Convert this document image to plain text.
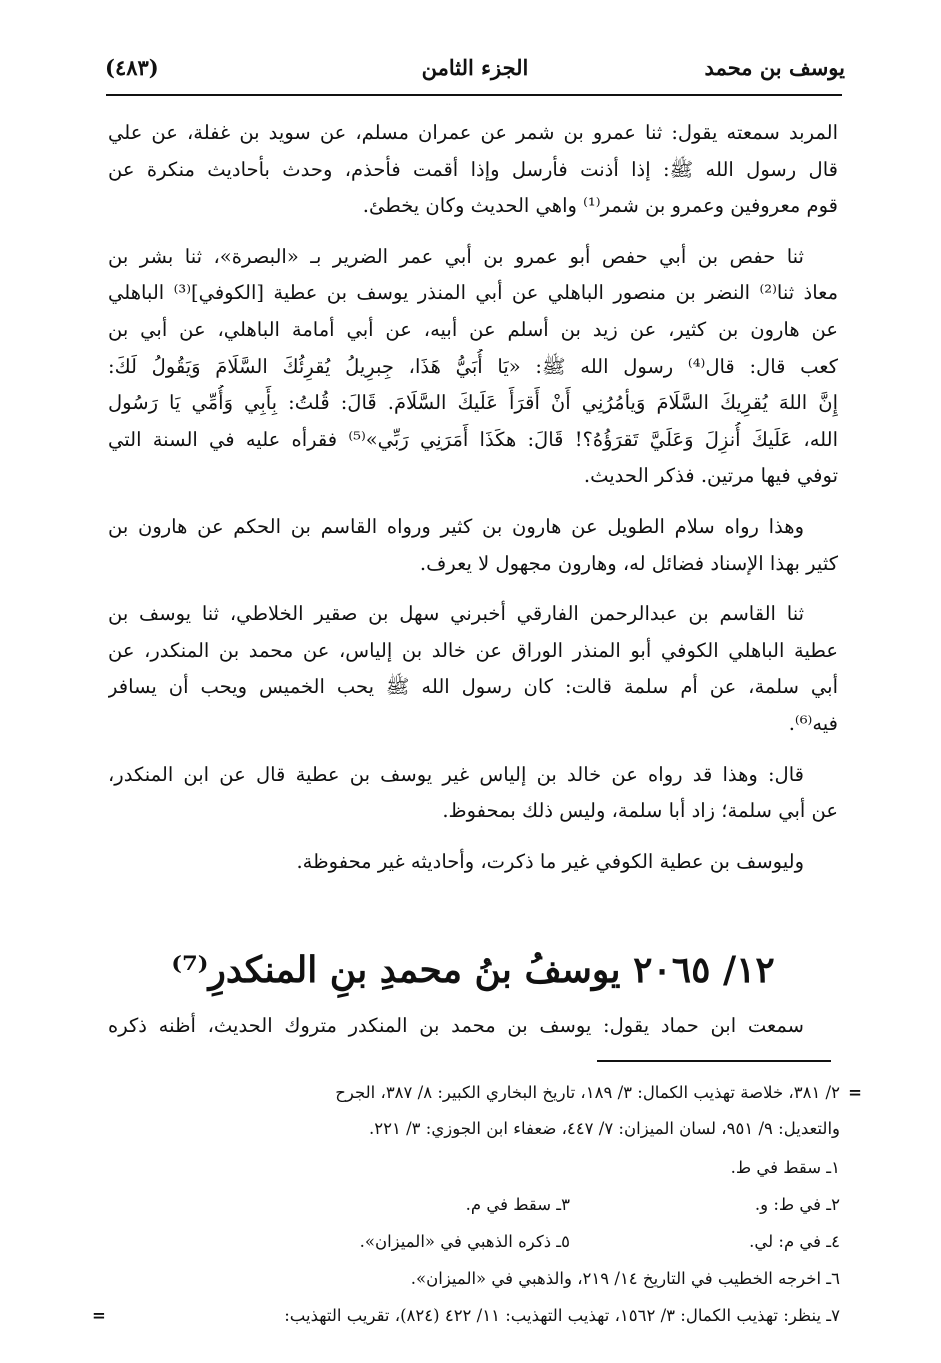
يوسف بن محمد
الجزء الثامن
(٤٨٣)
المربد سمعته يقول: ثنا عمرو بن شمر عن عمران مسلم، عن سويد بن غفلة، عن علي
قال رسول الله ﷺ: إذا أذنت فأرسل وإذا أقمت فأحذم، وحدث بأحاديث منكرة عن
قوم معروفين وعمرو بن شمر⁽¹⁾ واهي الحديث وكان يخطئ.
ثنا حفص بن أبي حفص أبو عمرو بن أبي عمر الضرير بـ «البصرة»، ثنا بشر بن
معاذ ثنا⁽²⁾ النضر بن منصور الباهلي عن أبي المنذر يوسف بن عطية [الكوفي]⁽³⁾ الباهلي
عن هارون بن كثير، عن زيد بن أسلم عن أبيه، عن أبي أمامة الباهلي، عن أبي بن
كعب قال: قال⁽⁴⁾ رسول الله ﷺ: «يَا أُبَيُّ هَذَا، جِبرِيلُ يُقرِئُكَ السَّلَامَ وَيَقُولُ لَكَ:
إِنَّ اللهَ يُقرِيكَ السَّلَامَ وَيأمُرُنِي أَنْ أَقرَأَ عَلَيكَ السَّلَامَ. قَالَ: قُلتُ: بِأَبِي وَأُمِّي يَا رَسُول
الله، عَلَيكَ أُنزِلَ وَعَلَيَّ تَقرَؤُهُ؟! قَالَ: هكَذَا أَمَرَنِي رَبِّي»⁽⁵⁾ فقرأه عليه في السنة التي
توفي فيها مرتين. فذكر الحديث.
وهذا رواه سلام الطويل عن هارون بن كثير ورواه القاسم بن الحكم عن هارون بن
كثير بهذا الإسناد فضائل له، وهارون مجهول لا يعرف.
ثنا القاسم بن عبدالرحمن الفارقي أخبرني سهل بن صقير الخلاطي، ثنا يوسف بن
عطية الباهلي الكوفي أبو المنذر الوراق عن خالد بن إلياس، عن محمد بن المنكدر، عن
أبي سلمة، عن أم سلمة قالت: كان رسول الله ﷺ يحب الخميس ويحب أن يسافر
فيه⁽⁶⁾.
قال: وهذا قد رواه عن خالد بن إلياس غير يوسف بن عطية قال عن ابن المنكدر،
عن أبي سلمة؛ زاد أبا سلمة، وليس ذلك بمحفوظ.
وليوسف بن عطية الكوفي غير ما ذكرت، وأحاديثه غير محفوظة.
١٢/ ٢٠٦٥ يوسفُ بنُ محمدِ بنِ المنكدرِ⁽⁷⁾
سمعت ابن حماد يقول: يوسف بن محمد بن المنكدر متروك الحديث، أظنه ذكره
=
٢/ ٣٨١، خلاصة تهذيب الكمال: ٣/ ١٨٩، تاريخ البخاري الكبير: ٨/ ٣٨٧، الجرح
والتعديل: ٩/ ٩٥١، لسان الميزان: ٧/ ٤٤٧، ضعفاء ابن الجوزي: ٣/ ٢٢١.
١ـ سقط في ط.
٢ـ في ط: و.
٣ـ سقط في م.
٤ـ في م: لي.
٥ـ ذكره الذهبي في «الميزان».
٦ـ اخرجه الخطيب في التاريخ ١٤/ ٢١٩، والذهبي في «الميزان».
٧ـ ينظر: تهذيب الكمال: ٣/ ١٥٦٢، تهذيب التهذيب: ١١/ ٤٢٢ (٨٢٤)، تقريب التهذيب:
=
